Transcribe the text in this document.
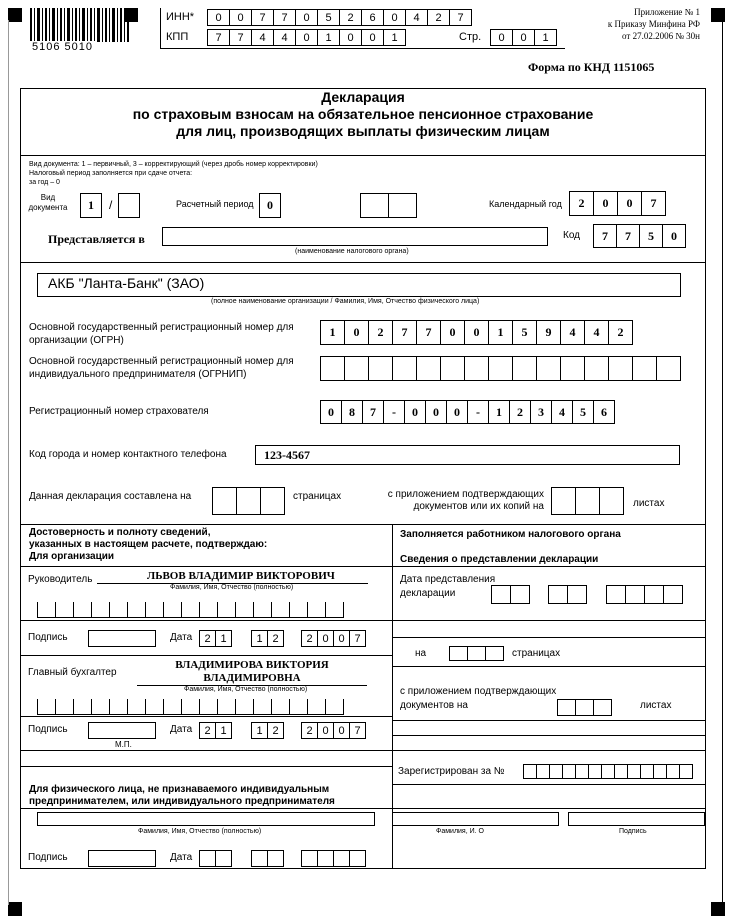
5106 5010
ИНН*	0	0	7	7	0	5	2	6	0	4	2	7
КПП	7	7	4	4	0	1	0	0	1	Стр.	0	0	1
Приложение № 1
к Приказу Минфина РФ
от 27.02.2006 № 30н
Форма по КНД 1151065
Декларация
по страховым взносам на обязательное пенсионное страхование
для лиц, производящих выплаты физическим лицам
Вид документа: 1 – первичный, 3 – корректирующий (через дробь номер корректировки)
Налоговый период заполняется при сдаче отчета:
за год – 0
Вид
документа	1	/	Расчетный период	0	Календарный год	2	0	0	7
Представляется в
(наименование налогового органа)
Код	7	7	5	0
АКБ "Ланта-Банк" (ЗАО)
(полное наименование организации / Фамилия, Имя, Отчество физического лица)
Основной государственный регистрационный номер для
организации (ОГРН)
1	0	2	7	7	0	0	1	5	9	4	4	2
Основной государственный регистрационный номер для
индивидуального предпринимателя (ОГРНИП)
Регистрационный номер страхователя	0	8	7	-	0	0	0	-	1	2	3	4	5	6
Код города и номер контактного телефона	123-4567
Данная декларация составлена на	страницах	с приложением подтверждающих
документов или их копий на	листах
Достоверность и полноту сведений,
указанных в настоящем расчете, подтверждаю:
Для организации
Руководитель	ЛЬВОВ ВЛАДИМИР ВИКТОРОВИЧ
Фамилия, Имя, Отчество (полностью)
Подпись	Дата	2 1	1 2	2 0 0 7
Главный бухгалтер
ВЛАДИМИРОВА ВИКТОРИЯ
ВЛАДИМИРОВНА
Фамилия, Имя, Отчество (полностью)
Подпись
М.П.
Дата	2 1	1 2	2 0 0 7
Для физического лица, не признаваемого индивидуальным
предпринимателем, или индивидуального предпринимателя
Фамилия, Имя, Отчество (полностью)
Подпись	Дата
Заполняется работником налогового органа
Сведения о представлении декларации
Дата представления
декларации
на	страницах
с приложением подтверждающих
документов на	листах
Зарегистрирован за №
Фамилия, И. О	Подпись
